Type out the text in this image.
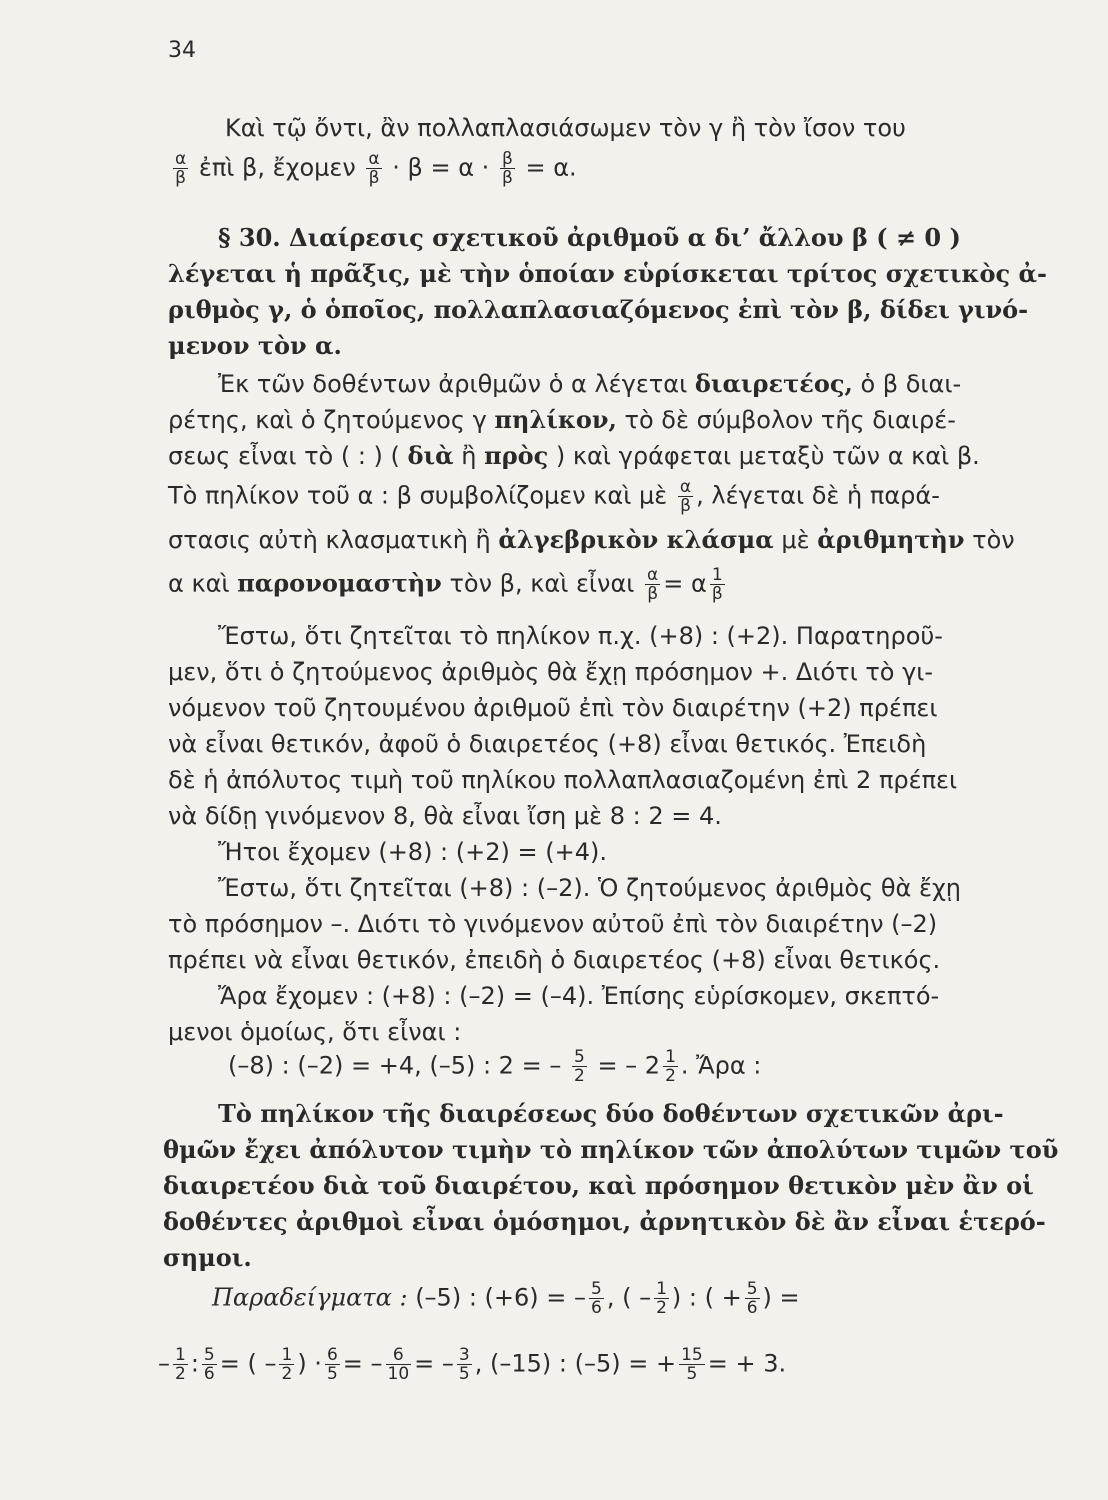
34
Καὶ τῷ ὄντι, ἂν πολλαπλασιάσωμεν τὸν γ ἢ τὸν ἴσον του
$\frac{\alpha}{\beta}$ ἐπὶ β, ἔχομεν $\frac{\alpha}{\beta} \cdot \beta = \alpha \cdot \frac{\beta}{\beta} = \alpha$.
§ 30. Διαίρεσις σχετικοῦ ἀριθμοῦ α δι’ ἄλλου β ( ≠ 0 )
λέγεται ἡ πρᾶξις, μὲ τὴν ὁποίαν εὑρίσκεται τρίτος σχετικὸς ἀ-
ριθμὸς γ, ὁ ὁποῖος, πολλαπλασιαζόμενος ἐπὶ τὸν β, δίδει γινό-
μενον τὸν α.
Ἐκ τῶν δοθέντων ἀριθμῶν ὁ α λέγεται διαιρετέος, ὁ β διαι-
ρέτης, καὶ ὁ ζητούμενος γ πηλίκον, τὸ δὲ σύμβολον τῆς διαιρέ-
σεως εἶναι τὸ ( : ) ( διὰ ἢ πρὸς ) καὶ γράφεται μεταξὺ τῶν α καὶ β.
Τὸ πηλίκον τοῦ α : β συμβολίζομεν καὶ μὲ $\frac{\alpha}{\beta}$ , λέγεται δὲ ἡ παρά-
στασις αὐτὴ κλασματικὴ ἢ ἀλγεβρικὸν κλάσμα μὲ ἀριθμητὴν τὸν
α καὶ παρονομαστὴν τὸν β, καὶ εἶναι $\frac{\alpha}{\beta} = \alpha \frac{1}{\beta}$
Ἔστω, ὅτι ζητεῖται τὸ πηλίκον π.χ. (+8) : (+2). Παρατηροῦ-
μεν, ὅτι ὁ ζητούμενος ἀριθμὸς θὰ ἔχῃ πρόσημον +. Διότι τὸ γι-
νόμενον τοῦ ζητουμένου ἀριθμοῦ ἐπὶ τὸν διαιρέτην (+2) πρέπει
νὰ εἶναι θετικόν, ἀφοῦ ὁ διαιρετέος (+8) εἶναι θετικός. Ἐπειδὴ
δὲ ἡ ἀπόλυτος τιμὴ τοῦ πηλίκου πολλαπλασιαζομένη ἐπὶ 2 πρέπει
νὰ δίδῃ γινόμενον 8, θὰ εἶναι ἴση μὲ 8 : 2 = 4.
Ἤτοι ἔχομεν (+8) : (+2) = (+4).
Ἔστω, ὅτι ζητεῖται (+8) : (–2). Ὁ ζητούμενος ἀριθμὸς θὰ ἔχῃ
τὸ πρόσημον –. Διότι τὸ γινόμενον αὐτοῦ ἐπὶ τὸν διαιρέτην (–2)
πρέπει νὰ εἶναι θετικόν, ἐπειδὴ ὁ διαιρετέος (+8) εἶναι θετικός.
Ἄρα ἔχομεν : (+8) : (–2) = (–4). Ἐπίσης εὑρίσκομεν, σκεπτό-
μενοι ὁμοίως, ὅτι εἶναι :
(–8) : (–2) = +4, (–5) : 2 = – $\frac{5}{2}$ = – $2 \frac{1}{2}$ . Ἄρα :
Τὸ πηλίκον τῆς διαιρέσεως δύο δοθέντων σχετικῶν ἀρι-
θμῶν ἔχει ἀπόλυτον τιμὴν τὸ πηλίκον τῶν ἀπολύτων τιμῶν τοῦ
διαιρετέου διὰ τοῦ διαιρέτου, καὶ πρόσημον θετικὸν μὲν ἂν οἱ
δοθέντες ἀριθμοὶ εἶναι ὁμόσημοι, ἀρνητικὸν δὲ ἂν εἶναι ἑτερό-
σημοι.
Παραδείγματα : (–5) : (+6) = – $\frac{5}{6}$ , ( – $\frac{1}{2}$ ) : ( + $\frac{5}{6}$ ) =
– $\frac{1}{2}$ : $\frac{5}{6}$ = ( – $\frac{1}{2}$ ) · $\frac{6}{5}$ = – $\frac{6}{10}$ = – $\frac{3}{5}$ , (–15) : (–5) = + $\frac{15}{5}$ = + 3.
